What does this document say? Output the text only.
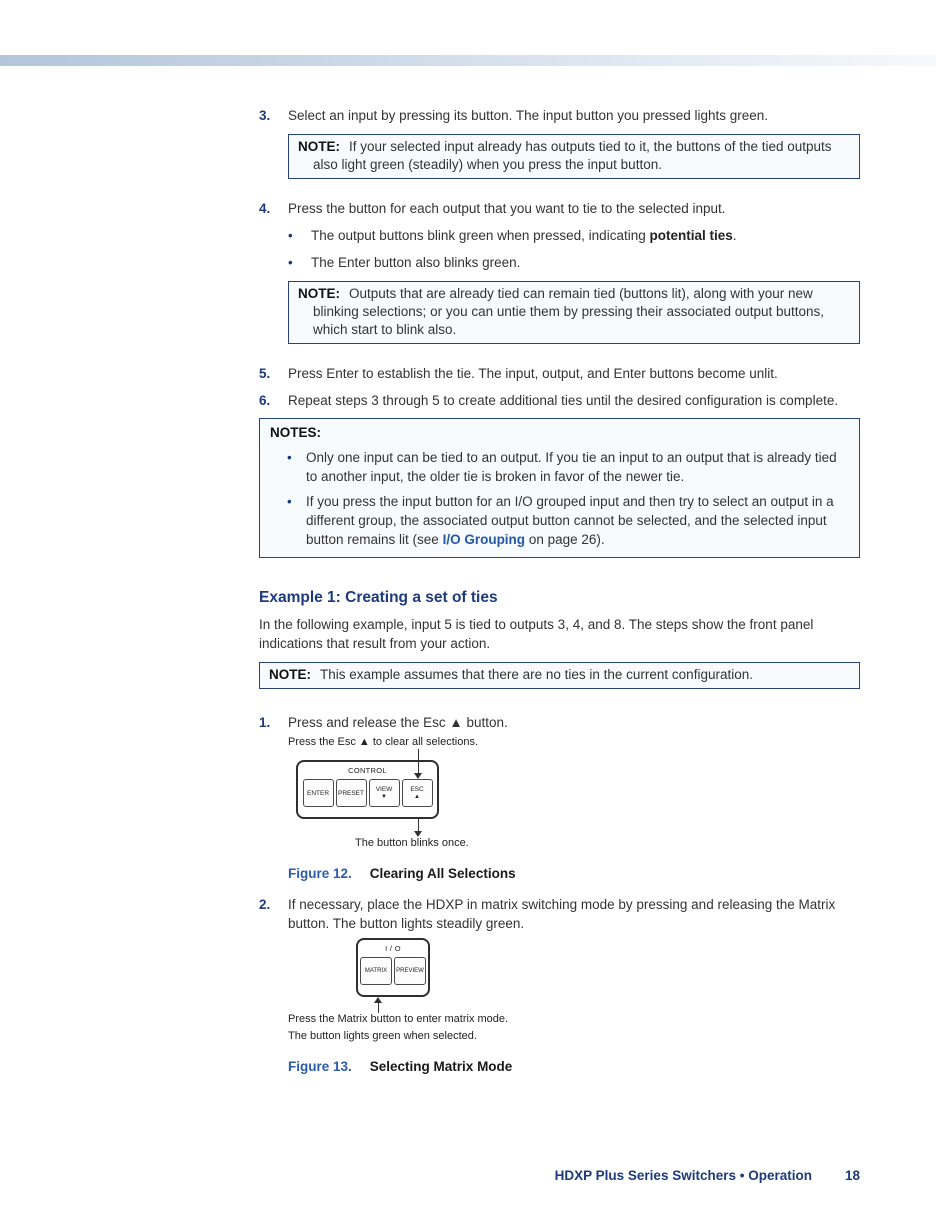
3.	Select an input by pressing its button. The input button you pressed lights green.

NOTE: If your selected input already has outputs tied to it, the buttons of the tied outputs also light green (steadily) when you press the input button.

4.	Press the button for each output that you want to tie to the selected input.

•	The output buttons blink green when pressed, indicating potential ties.

•	The Enter button also blinks green.

NOTE: Outputs that are already tied can remain tied (buttons lit), along with your new blinking selections; or you can untie them by pressing their associated output buttons, which start to blink also.

5.	Press Enter to establish the tie. The input, output, and Enter buttons become unlit.

6.	Repeat steps 3 through 5 to create additional ties until the desired configuration is complete.

NOTES:

•	Only one input can be tied to an output. If you tie an input to an output that is already tied to another input, the older tie is broken in favor of the newer tie.

•	If you press the input button for an I/O grouped input and then try to select an output in a different group, the associated output button cannot be selected, and the selected input button remains lit (see I/O Grouping on page 26).

Example 1: Creating a set of ties

In the following example, input 5 is tied to outputs 3, 4, and 8. The steps show the front panel indications that result from your action.

NOTE: This example assumes that there are no ties in the current configuration.

1.	Press and release the Esc ▲ button.

Press the Esc ▲ to clear all selections.

CONTROL
ENTER PRESET
VIEW
▼
ESC
▲

The button blinks once.

Figure 12. Clearing All Selections

2.	If necessary, place the HDXP in matrix switching mode by pressing and releasing the Matrix button. The button lights steadily green.

I / O
MATRIX PREVIEW

Press the Matrix button to enter matrix mode.

The button lights green when selected.

Figure 13. Selecting Matrix Mode

HDXP Plus Series Switchers • Operation 18
